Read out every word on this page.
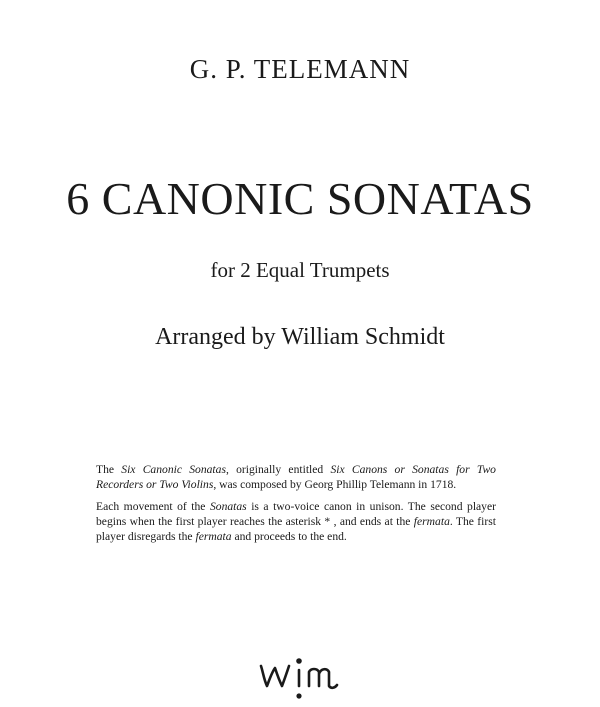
G. P. TELEMANN
6 CANONIC SONATAS
for 2 Equal Trumpets
Arranged by William Schmidt

The Six Canonic Sonatas, originally entitled Six Canons or Sonatas for Two Recorders or Two Violins, was composed by Georg Phillip Telemann in 1718.

Each movement of the Sonatas is a two-voice canon in unison. The second player begins when the first player reaches the asterisk * , and ends at the fermata. The first player disregards the fermata and proceeds to the end.
